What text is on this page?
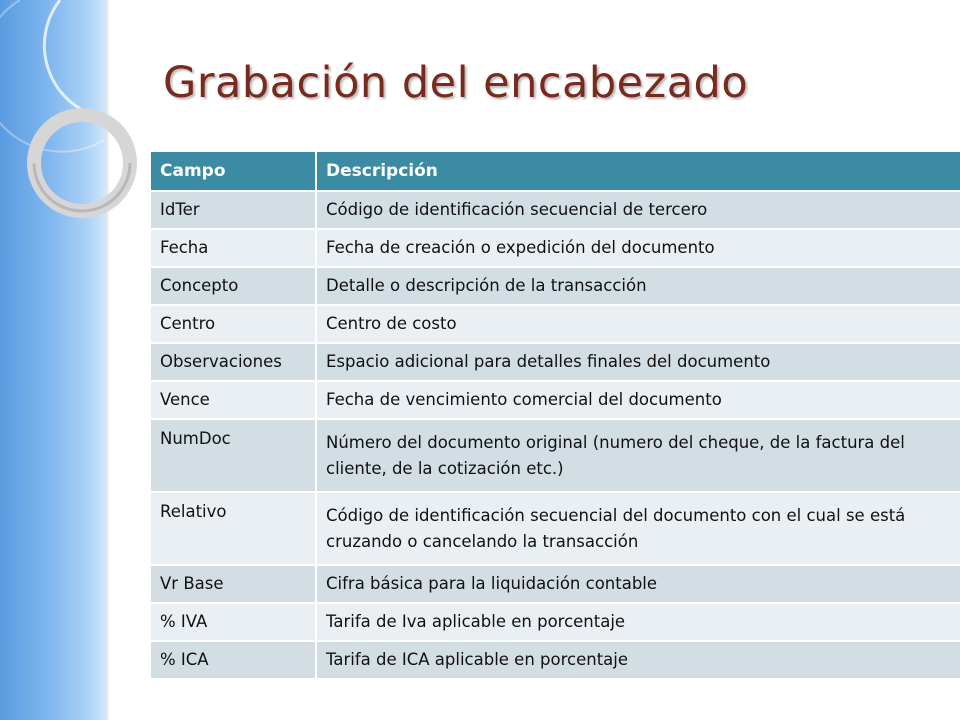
Grabación del encabezado
Campo	Descripción
IdTer	Código de identificación secuencial de tercero
Fecha	Fecha de creación o expedición del documento
Concepto	Detalle o descripción de la transacción
Centro	Centro de costo
Observaciones	Espacio adicional para detalles finales del documento
Vence	Fecha de vencimiento comercial del documento
NumDoc	Número del documento original (numero del cheque, de la factura del cliente, de la cotización etc.)
Relativo	Código de identificación secuencial del documento con el cual se está cruzando o cancelando la transacción
Vr Base	Cifra básica para la liquidación contable
% IVA	Tarifa de Iva aplicable en porcentaje
% ICA	Tarifa de ICA aplicable en porcentaje
